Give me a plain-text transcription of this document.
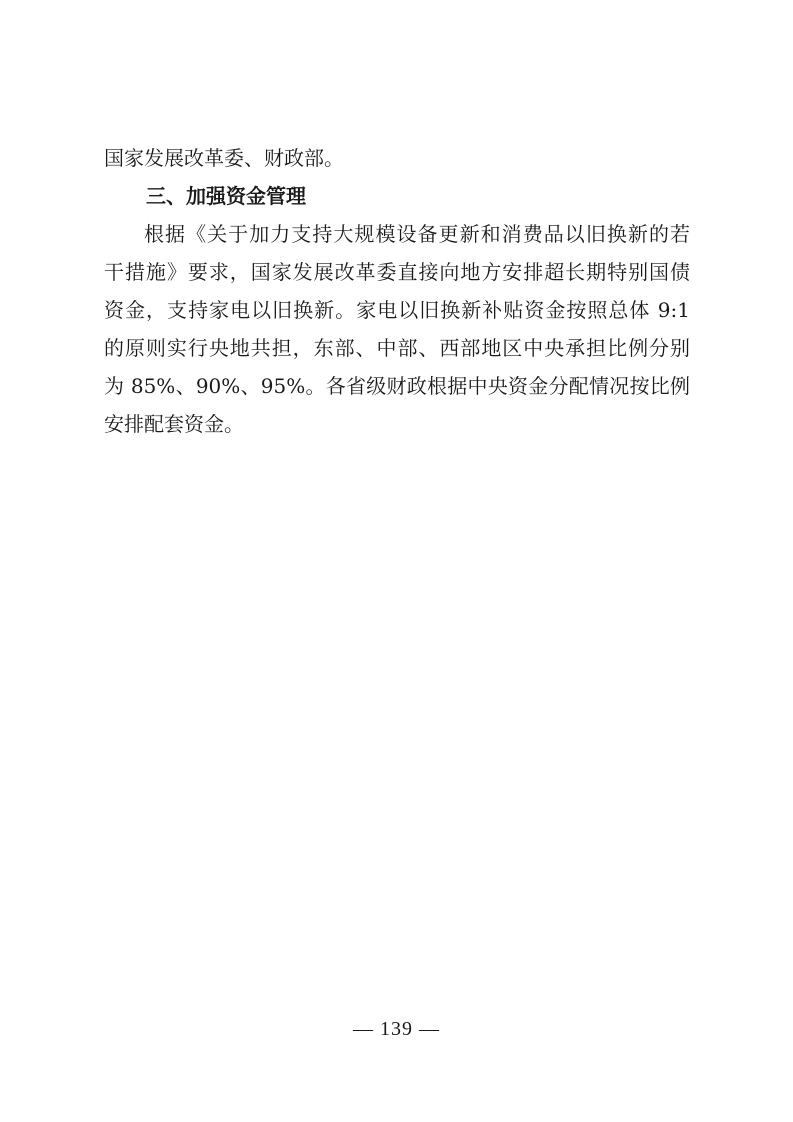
国家发展改革委、财政部。

三、加强资金管理

根据《关于加力支持大规模设备更新和消费品以旧换新的若

干措施》要求，国家发展改革委直接向地方安排超长期特别国债

资金，支持家电以旧换新。家电以旧换新补贴资金按照总体 9:1

的原则实行央地共担，东部、中部、西部地区中央承担比例分别

为 85%、90%、95%。各省级财政根据中央资金分配情况按比例

安排配套资金。

— 139 —
